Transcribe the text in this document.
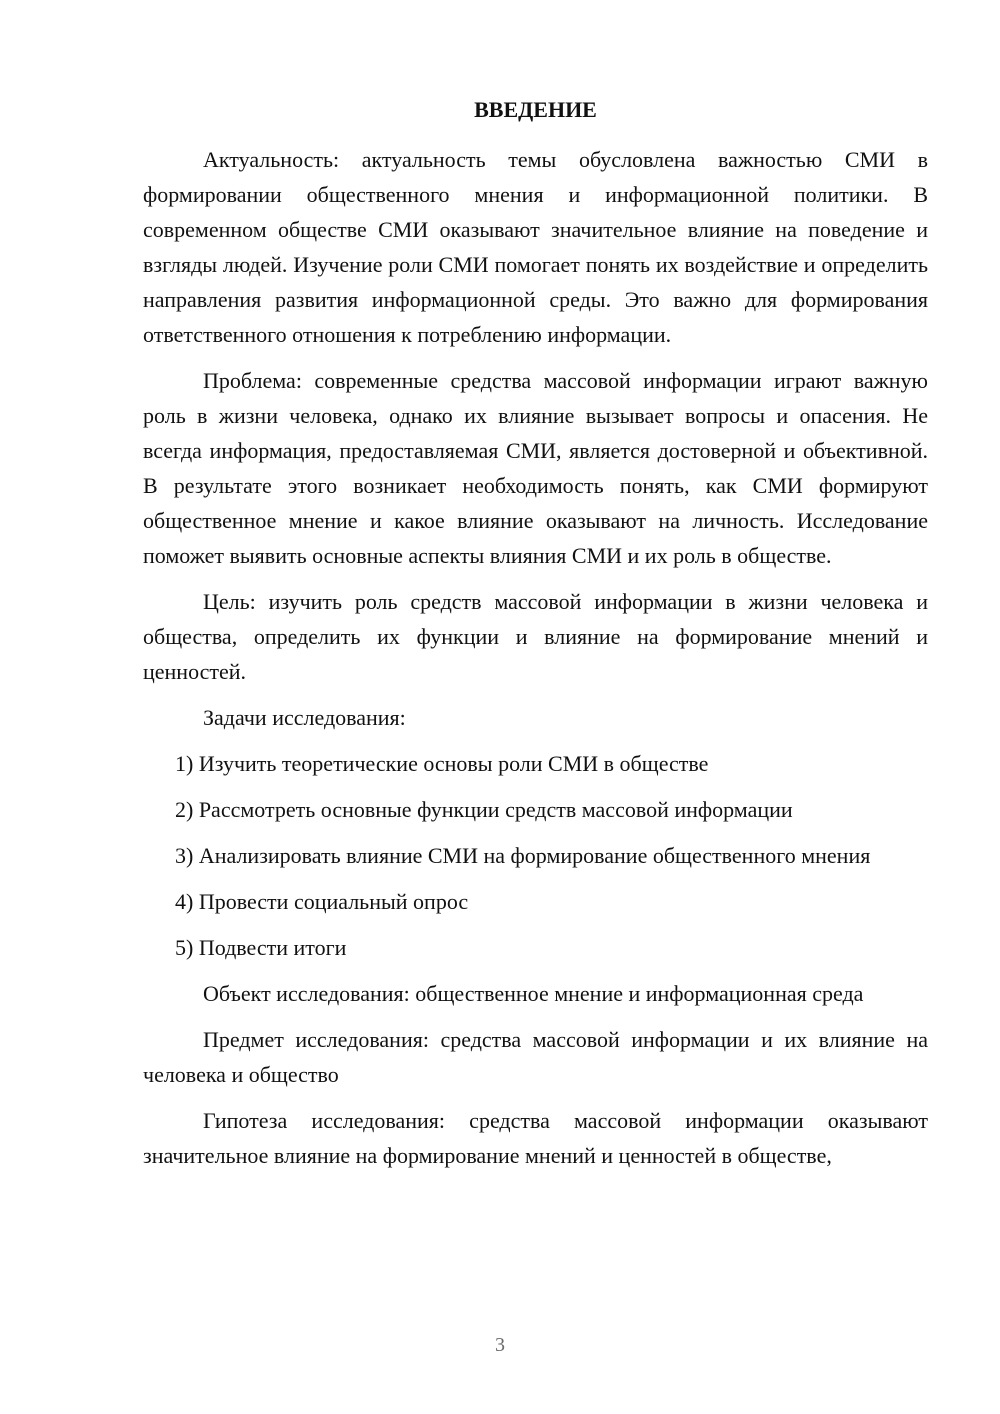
ВВЕДЕНИЕ

Актуальность: актуальность темы обусловлена важностью СМИ в формировании общественного мнения и информационной политики. В современном обществе СМИ оказывают значительное влияние на поведение и взгляды людей. Изучение роли СМИ помогает понять их воздействие и определить направления развития информационной среды. Это важно для формирования ответственного отношения к потреблению информации.

Проблема: современные средства массовой информации играют важную роль в жизни человека, однако их влияние вызывает вопросы и опасения. Не всегда информация, предоставляемая СМИ, является достоверной и объективной. В результате этого возникает необходимость понять, как СМИ формируют общественное мнение и какое влияние оказывают на личность. Исследование поможет выявить основные аспекты влияния СМИ и их роль в обществе.

Цель: изучить роль средств массовой информации в жизни человека и общества, определить их функции и влияние на формирование мнений и ценностей.

Задачи исследования:

1) Изучить теоретические основы роли СМИ в обществе

2) Рассмотреть основные функции средств массовой информации

3) Анализировать влияние СМИ на формирование общественного мнения

4) Провести социальный опрос

5) Подвести итоги

Объект исследования: общественное мнение и информационная среда

Предмет исследования: средства массовой информации и их влияние на человека и общество

Гипотеза исследования: средства массовой информации оказывают значительное влияние на формирование мнений и ценностей в обществе,

3
